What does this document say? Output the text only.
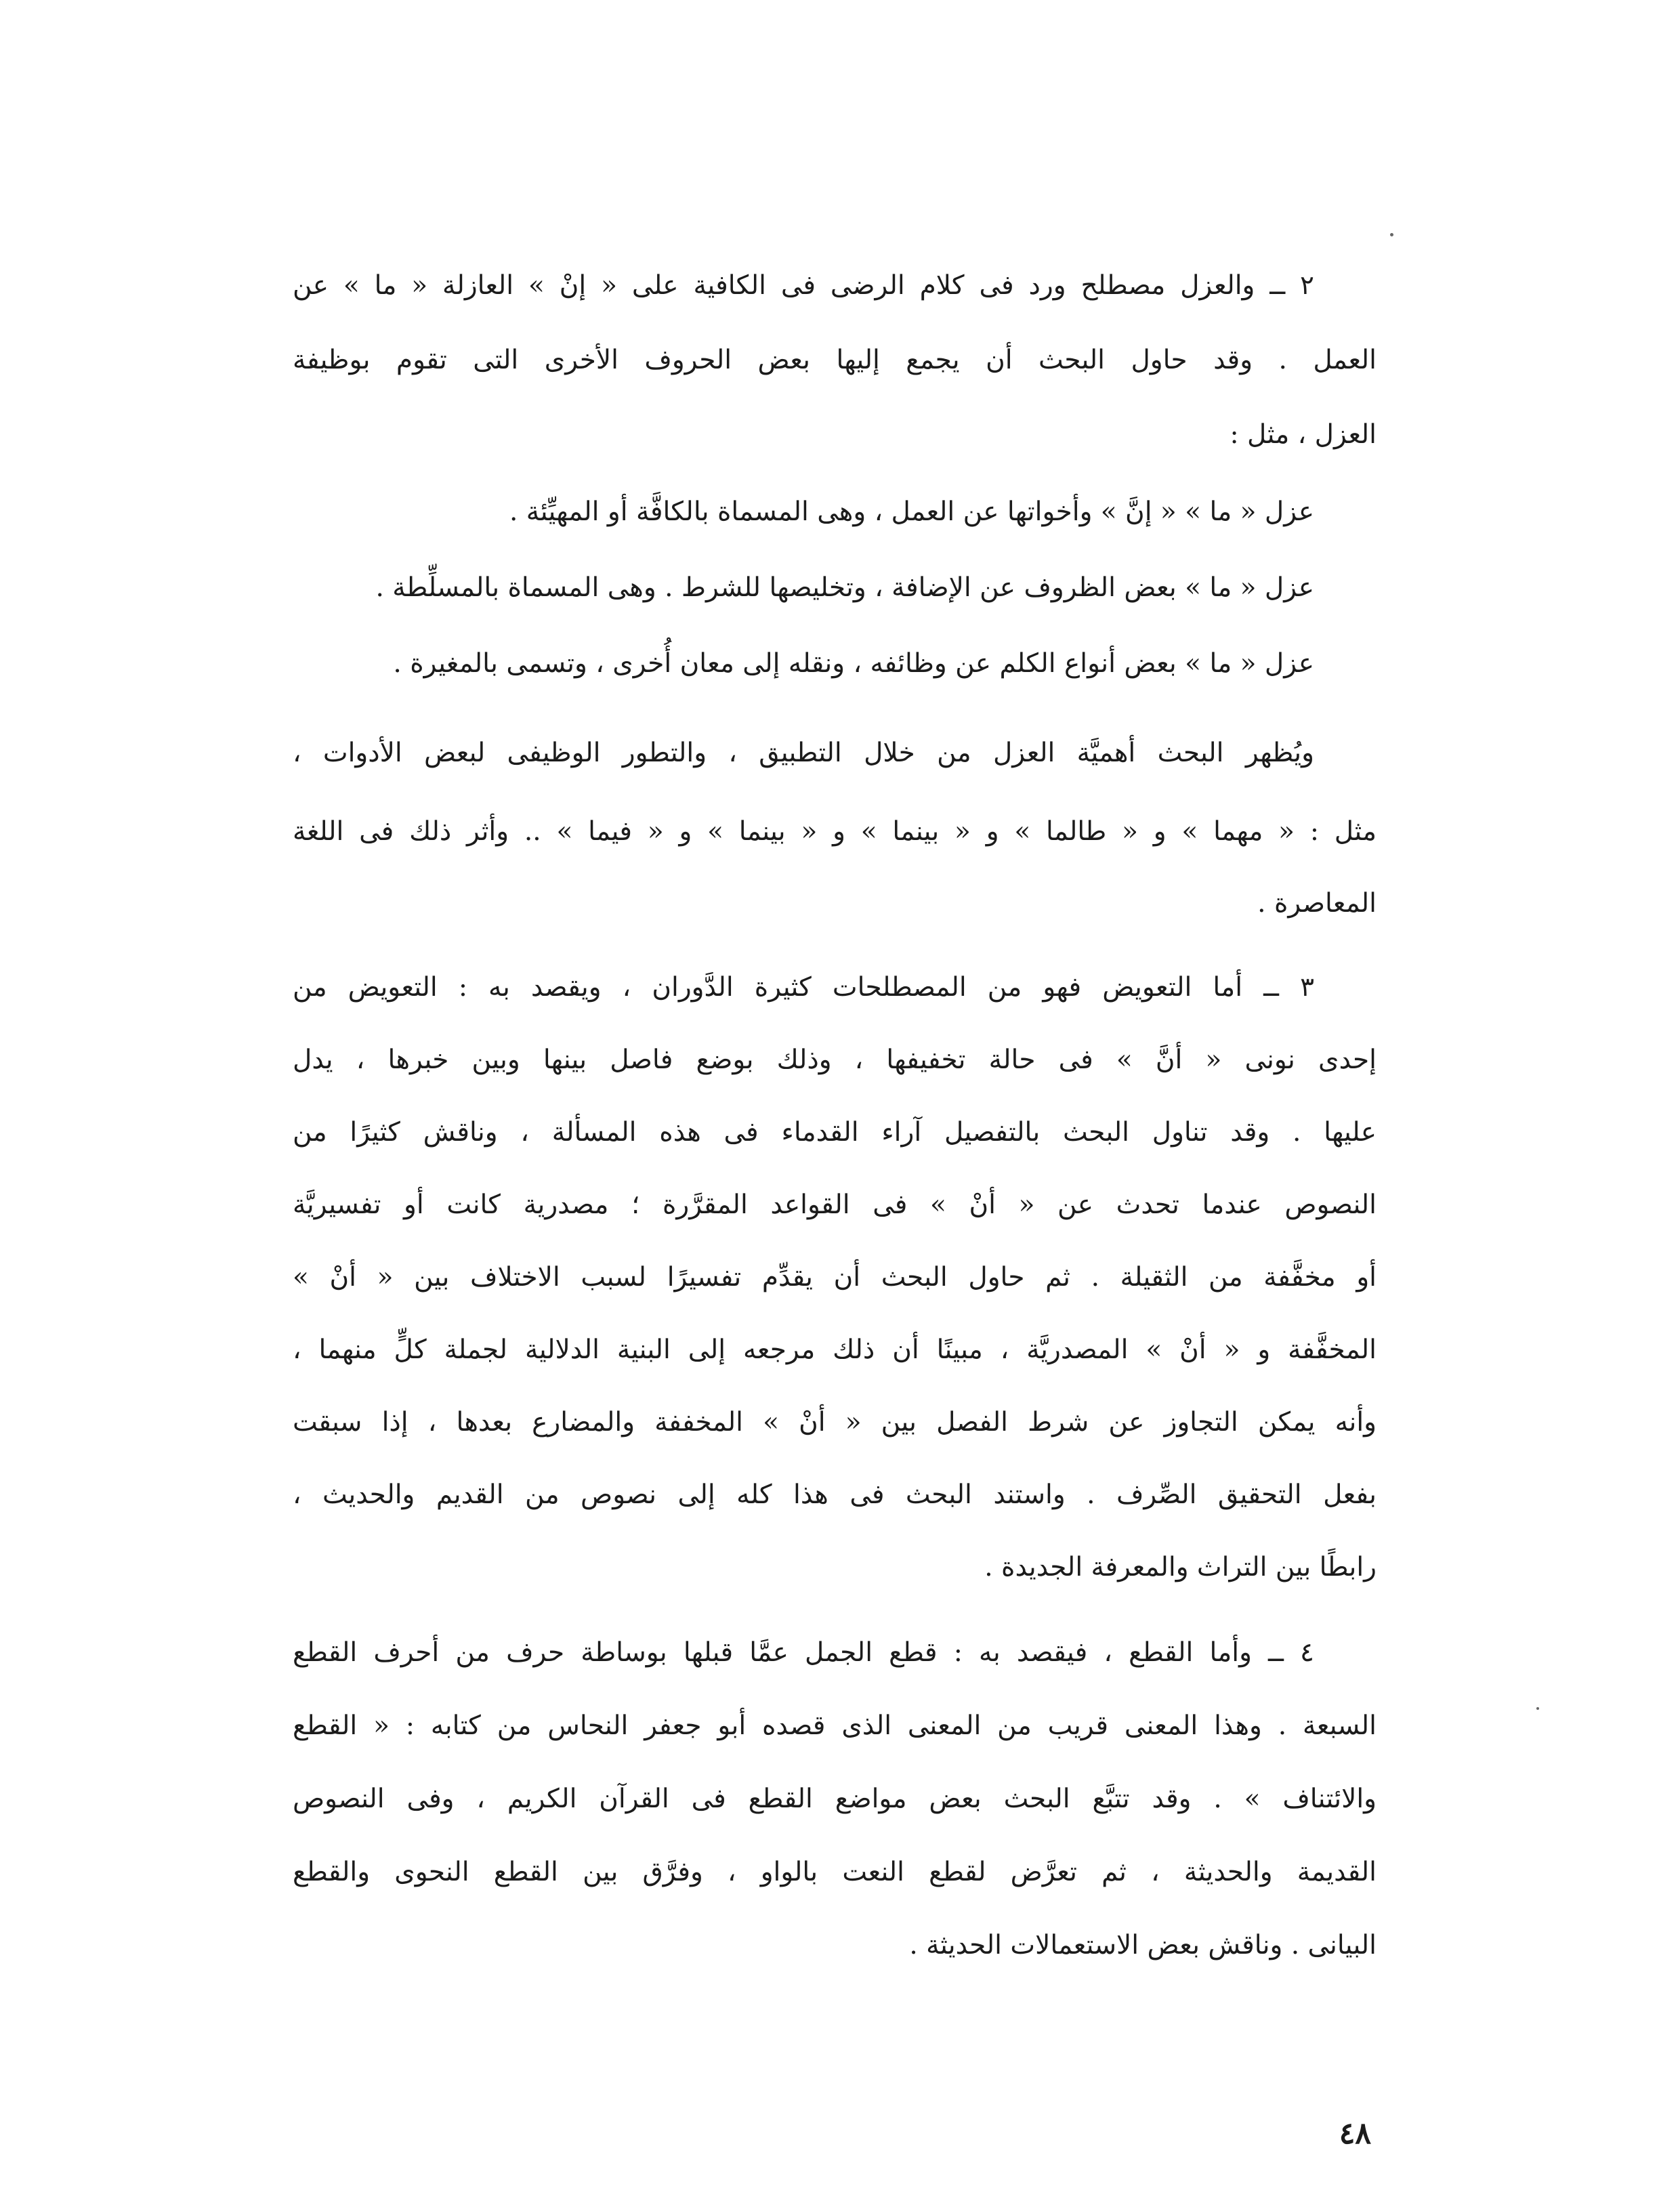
٢ ــ والعزل مصطلح ورد فى كلام الرضى فى الكافية على « إنْ » العازلة « ما » عن
العمل . وقد حاول البحث أن يجمع إليها بعض الحروف الأخرى التى تقوم بوظيفة
العزل ، مثل :
عزل « ما » « إنَّ » وأخواتها عن العمل ، وهى المسماة بالكافَّة أو المهيِّئة .
عزل « ما » بعض الظروف عن الإضافة ، وتخليصها للشرط . وهى المسماة بالمسلِّطة .
عزل « ما » بعض أنواع الكلم عن وظائفه ، ونقله إلى معان أُخرى ، وتسمى بالمغيرة .
ويُظهر البحث أهميَّة العزل من خلال التطبيق ، والتطور الوظيفى لبعض الأدوات ،
مثل : « مهما » و « طالما » و « بينما » و « بينما » و « فيما » .. وأثر ذلك فى اللغة
المعاصرة .
٣ ــ أما التعويض فهو من المصطلحات كثيرة الدَّوران ، ويقصد به : التعويض من
إحدى نونى « أنَّ » فى حالة تخفيفها ، وذلك بوضع فاصل بينها وبين خبرها ، يدل
عليها . وقد تناول البحث بالتفصيل آراء القدماء فى هذه المسألة ، وناقش كثيرًا من
النصوص عندما تحدث عن « أنْ » فى القواعد المقرَّرة ؛ مصدرية كانت أو تفسيريَّة
أو مخفَّفة من الثقيلة . ثم حاول البحث أن يقدِّم تفسيرًا لسبب الاختلاف بين « أنْ »
المخفَّفة و « أنْ » المصدريَّة ، مبينًا أن ذلك مرجعه إلى البنية الدلالية لجملة كلٍّ منهما ،
وأنه يمكن التجاوز عن شرط الفصل بين « أنْ » المخففة والمضارع بعدها ، إذا سبقت
بفعل التحقيق الصِّرف . واستند البحث فى هذا كله إلى نصوص من القديم والحديث ،
رابطًا بين التراث والمعرفة الجديدة .
٤ ــ وأما القطع ، فيقصد به : قطع الجمل عمَّا قبلها بوساطة حرف من أحرف القطع
السبعة . وهذا المعنى قريب من المعنى الذى قصده أبو جعفر النحاس من كتابه : « القطع
والائتناف » . وقد تتبَّع البحث بعض مواضع القطع فى القرآن الكريم ، وفى النصوص
القديمة والحديثة ، ثم تعرَّض لقطع النعت بالواو ، وفرَّق بين القطع النحوى والقطع
البيانى . وناقش بعض الاستعمالات الحديثة .
٤٨
